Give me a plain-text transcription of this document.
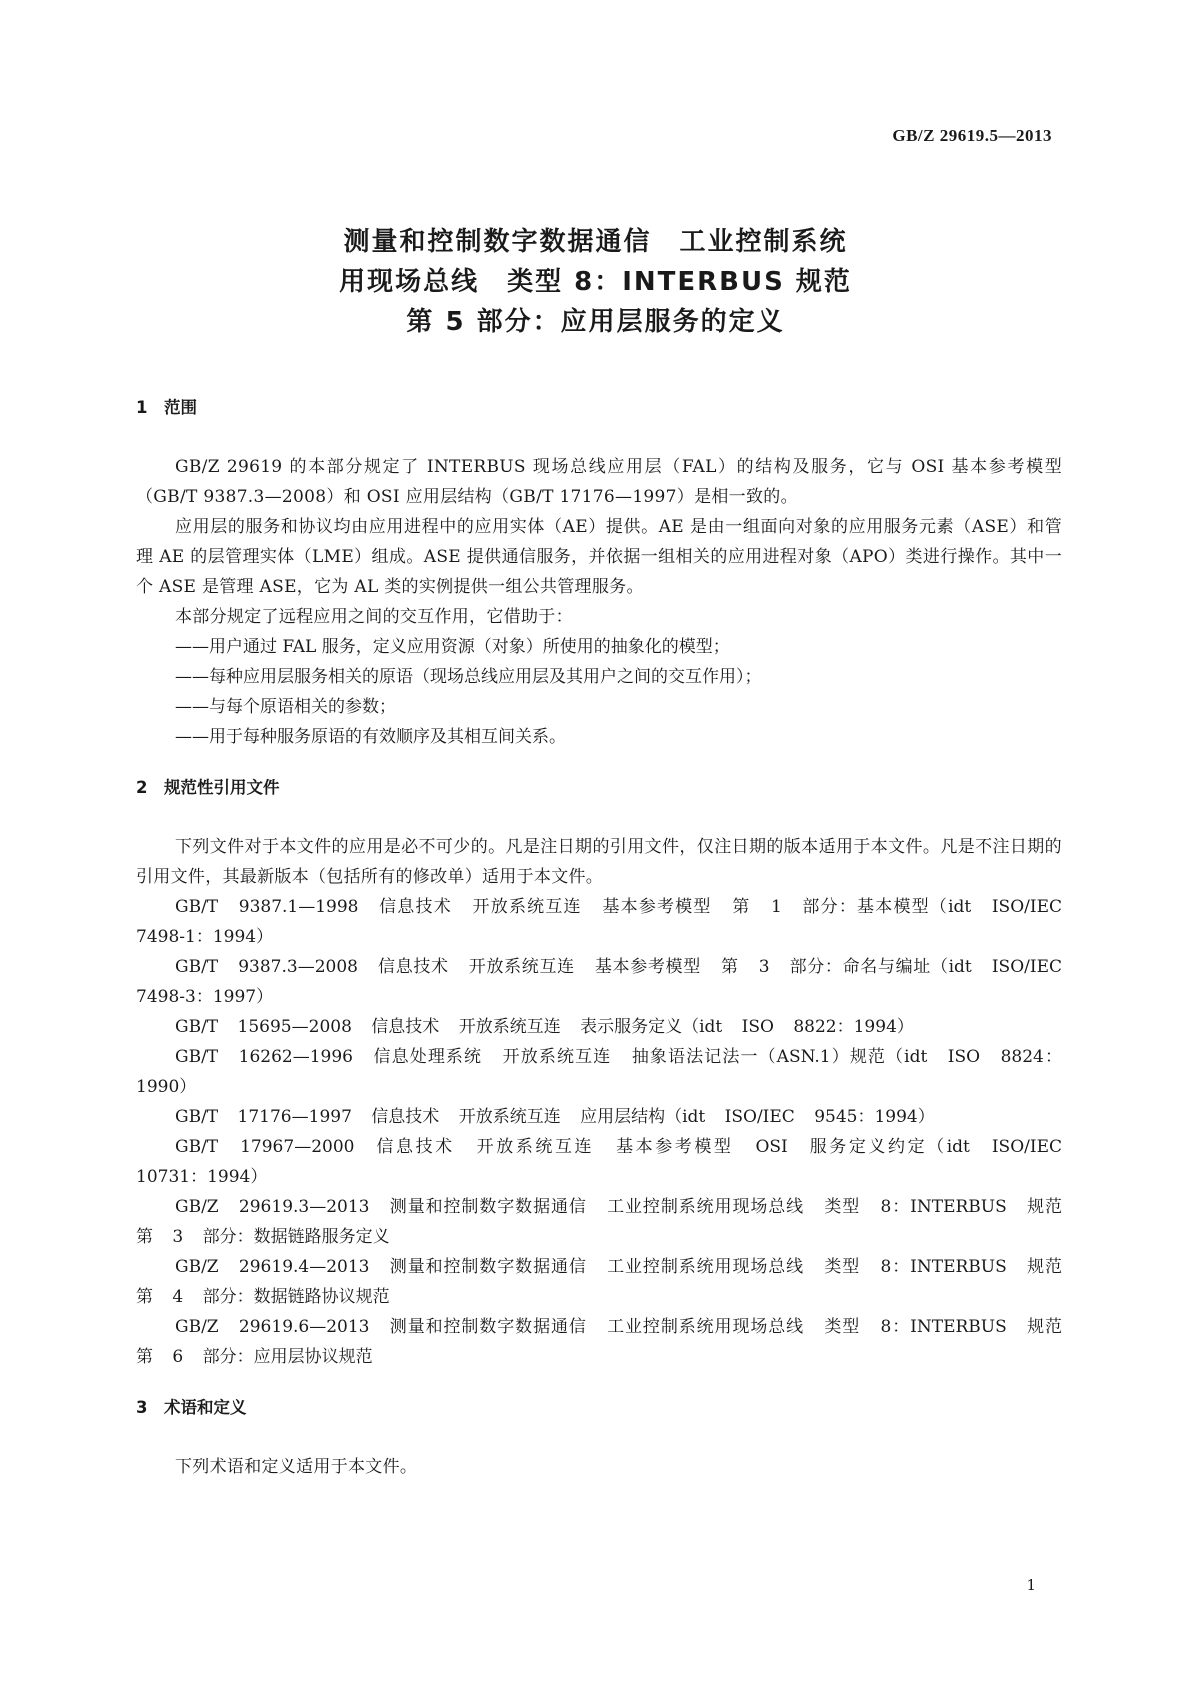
GB/Z 29619.5—2013
测量和控制数字数据通信　工业控制系统
用现场总线　类型 8：INTERBUS 规范
第 5 部分：应用层服务的定义
1　范围

GB/Z 29619 的本部分规定了 INTERBUS 现场总线应用层（FAL）的结构及服务，它与 OSI 基本参考模型（GB/T 9387.3—2008）和 OSI 应用层结构（GB/T 17176—1997）是相一致的。

应用层的服务和协议均由应用进程中的应用实体（AE）提供。AE 是由一组面向对象的应用服务元素（ASE）和管理 AE 的层管理实体（LME）组成。ASE 提供通信服务，并依据一组相关的应用进程对象（APO）类进行操作。其中一个 ASE 是管理 ASE，它为 AL 类的实例提供一组公共管理服务。

本部分规定了远程应用之间的交互作用，它借助于：

——用户通过 FAL 服务，定义应用资源（对象）所使用的抽象化的模型；

——每种应用层服务相关的原语（现场总线应用层及其用户之间的交互作用）；

——与每个原语相关的参数；

——用于每种服务原语的有效顺序及其相互间关系。

2　规范性引用文件

下列文件对于本文件的应用是必不可少的。凡是注日期的引用文件，仅注日期的版本适用于本文件。凡是不注日期的引用文件，其最新版本（包括所有的修改单）适用于本文件。

GB/T 9387.1—1998 信息技术 开放系统互连 基本参考模型 第 1 部分：基本模型（idt ISO/IEC 7498-1：1994）

GB/T 9387.3—2008 信息技术 开放系统互连 基本参考模型 第 3 部分：命名与编址（idt ISO/IEC 7498-3：1997）

GB/T 15695—2008 信息技术 开放系统互连 表示服务定义（idt ISO 8822：1994）

GB/T 16262—1996 信息处理系统 开放系统互连 抽象语法记法一（ASN.1）规范（idt ISO 8824：1990）

GB/T 17176—1997 信息技术 开放系统互连 应用层结构（idt ISO/IEC 9545：1994）

GB/T 17967—2000 信息技术 开放系统互连 基本参考模型 OSI 服务定义约定（idt ISO/IEC 10731：1994）

GB/Z 29619.3—2013 测量和控制数字数据通信 工业控制系统用现场总线 类型 8：INTERBUS 规范 第 3 部分：数据链路服务定义

GB/Z 29619.4—2013 测量和控制数字数据通信 工业控制系统用现场总线 类型 8：INTERBUS 规范 第 4 部分：数据链路协议规范

GB/Z 29619.6—2013 测量和控制数字数据通信 工业控制系统用现场总线 类型 8：INTERBUS 规范 第 6 部分：应用层协议规范

3　术语和定义

下列术语和定义适用于本文件。

1
